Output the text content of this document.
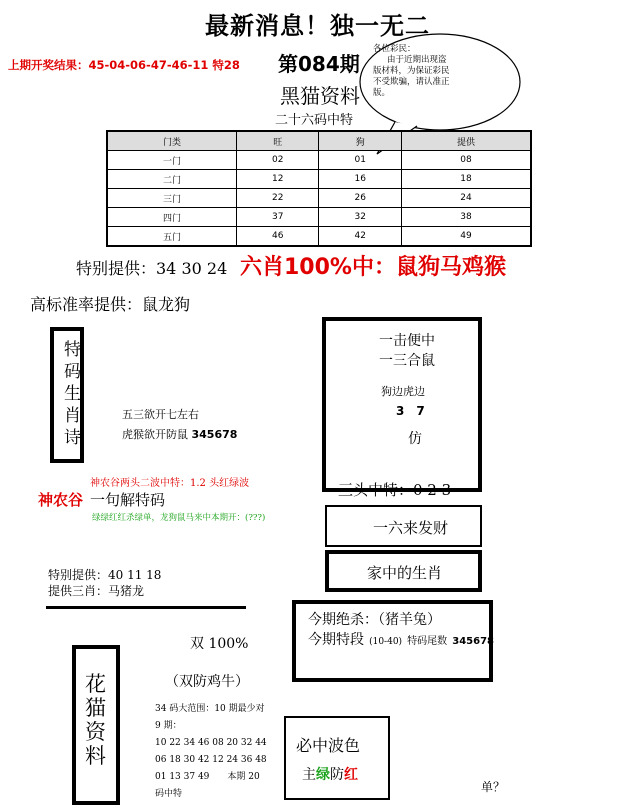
最新消息！独一无二
上期开奖结果：45-04-06-47-46-11 特28 第084期
黑猫资料
二十六码中特
各位彩民：
由于近期出现盗
版材料，为保证彩民
不受欺骗，请认准正
版。
门类	旺	狗	提供
一门	02	01	08
二门	12	16	18
三门	22	26	24
四门	37	32	38
五门	46	42	49
特别提供：34 30 24 六肖100%中：鼠狗马鸡猴
高标准率提供：鼠龙狗
特
码
生
肖
诗
五三欲开七左右
虎猴欲开防鼠 345678
一击便中
一三合鼠
狗边虎边
3　7
仿
三头中特：0 2 3
一六来发财
家中的生肖
神农谷两头二波中特：1.2 头红绿波
神农谷 一句解特码
绿绿红红杀绿单，龙狗鼠马来中本期开：(???)
特别提供：40 11 18
提供三肖：马猪龙
今期绝杀：（猪羊兔）
今期特段 (10-40) 特码尾数 345678
双 100%
（双防鸡牛）
花
猫
资
料
34 码大范围：10 期最少对
9 期：
10 22 34 46 08 20 32 44
06 18 30 42 12 24 36 48
01 13 37 49　　本期 20
码中特
必中波色
主绿防红
单？
